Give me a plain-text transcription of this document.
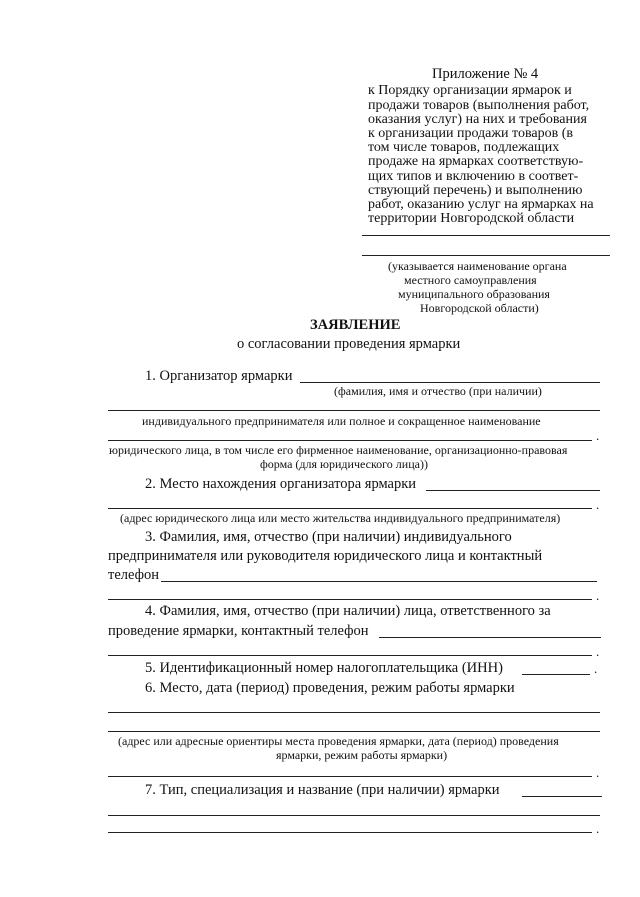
Приложение № 4
к Порядку организации ярмарок и
продажи товаров (выполнения работ,
оказания услуг) на них и требования
к организации продажи товаров (в
том числе товаров, подлежащих
продаже на ярмарках соответствую-
щих типов и включению в соответ-
ствующий перечень) и выполнению
работ, оказанию услуг на ярмарках на
территории Новгородской области
(указывается наименование органа
местного самоуправления
муниципального образования
Новгородской области)
ЗАЯВЛЕНИЕ
о согласовании проведения ярмарки
1. Организатор ярмарки
(фамилия, имя и отчество (при наличии)
индивидуального предпринимателя или полное и сокращенное наименование
.
юридического лица, в том числе его фирменное наименование, организационно-правовая
форма (для юридического лица))
2. Место нахождения организатора ярмарки
.
(адрес юридического лица или место жительства индивидуального предпринимателя)
3. Фамилия, имя, отчество (при наличии) индивидуального
предпринимателя или руководителя юридического лица и контактный
телефон
.
4. Фамилия, имя, отчество (при наличии) лица, ответственного за
проведение ярмарки, контактный телефон
.
5. Идентификационный номер налогоплательщика (ИНН)	.
6. Место, дата (период) проведения, режим работы ярмарки
(адрес или адресные ориентиры места проведения ярмарки, дата (период) проведения
ярмарки, режим работы ярмарки)
.
7. Тип, специализация и название (при наличии) ярмарки
.
